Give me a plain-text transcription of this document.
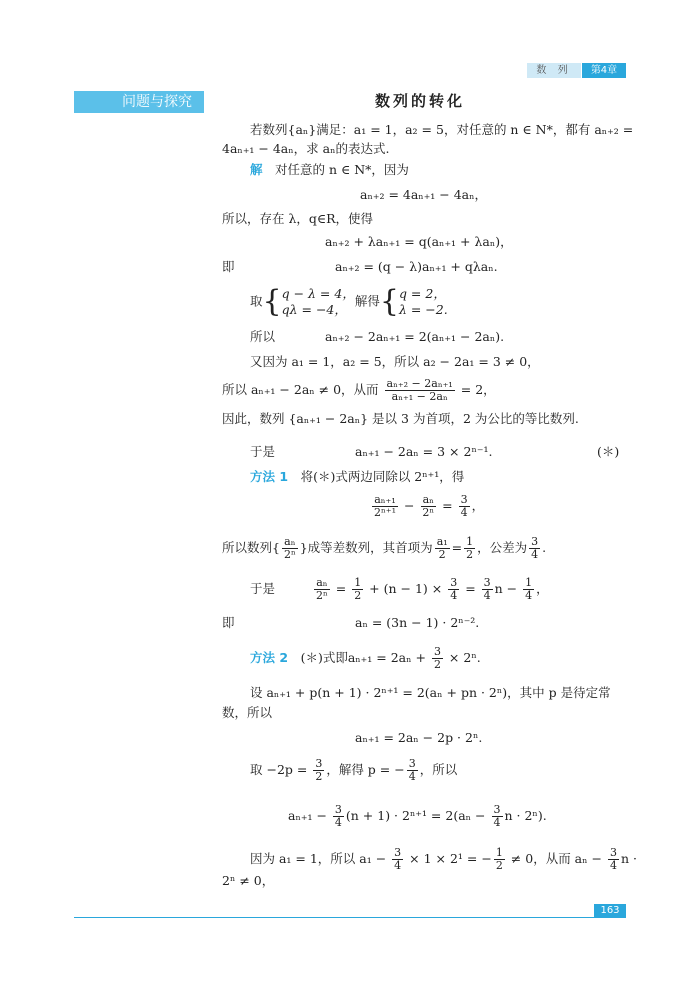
数 列	第4章
问题与探究	数列的转化
若数列{aₙ}满足：a₁ = 1，a₂ = 5，对任意的 n ∈ N*，都有 aₙ₊₂ =
4aₙ₊₁ − 4aₙ，求 aₙ的表达式.
解　对任意的 n ∈ N*，因为
aₙ₊₂ = 4aₙ₊₁ − 4aₙ，
所以，存在 λ，q∈R，使得
aₙ₊₂ + λaₙ₊₁ = q(aₙ₊₁ + λaₙ)，
即	aₙ₊₂ = (q − λ)aₙ₊₁ + qλaₙ.
取{ q − λ = 4，
qλ = −4，
解得{ q = 2，
λ = −2.
所以	aₙ₊₂ − 2aₙ₊₁ = 2(aₙ₊₁ − 2aₙ).
又因为 a₁ = 1，a₂ = 5，所以 a₂ − 2a₁ = 3 ≠ 0，
所以 aₙ₊₁ − 2aₙ ≠ 0，从而 $\frac{\text{aₙ₊₂ − 2aₙ₊₁}}{\text{aₙ₊₁ − 2aₙ}} = 2$，
因此，数列 {aₙ₊₁ − 2aₙ} 是以 3 为首项，2 为公比的等比数列.
于是	aₙ₊₁ − 2aₙ = 3 × 2ⁿ⁻¹.	(＊)
方法 1　将(＊)式两边同除以 2ⁿ⁺¹，得
$\frac{\text{aₙ₊₁}}{\text{2ⁿ⁺¹}} - \frac{\text{aₙ}}{\text{2ⁿ}} = \frac{3}{4}$ ，
所以数列{ $\frac{\text{aₙ}}{\text{2ⁿ}}$ }成等差数列，其首项为 $\frac{\text{a₁}}{2} = \frac{1}{2}$ ，公差为 $\frac{3}{4}$ .
于是	$\frac{\text{aₙ}}{\text{2ⁿ}} = \frac{1}{2} + (n - 1) \times \frac{3}{4} = \frac{3}{4}$ $n - \frac{1}{4}$ ，
即	aₙ = (3n − 1) · 2ⁿ⁻².
方法 2　(＊)式即$a_{n+1} = 2a_n + \frac{3}{2} \times 2^n$.
设 aₙ₊₁ + p(n + 1) · 2ⁿ⁺¹ = 2(aₙ + pn · 2ⁿ)，其中 p 是待定常
数，所以
aₙ₊₁ = 2aₙ − 2p · 2ⁿ.
取 $-2p = \frac{3}{2}$ ，解得 p = − $\frac{3}{4}$ ，所以
$a_{n+1} - \frac{3}{4} (n + 1) \cdot 2^{n+1} = 2(a_n - \frac{3}{4}$ n · 2ⁿ).
因为 a₁ = 1，所以 $a_1 - \frac{3}{4} \times 1 \times 2^1$ = − $\frac{1}{2} \ne 0$，从而 $a_n - \frac{3}{4}$ n ·
2ⁿ ≠ 0，
163
